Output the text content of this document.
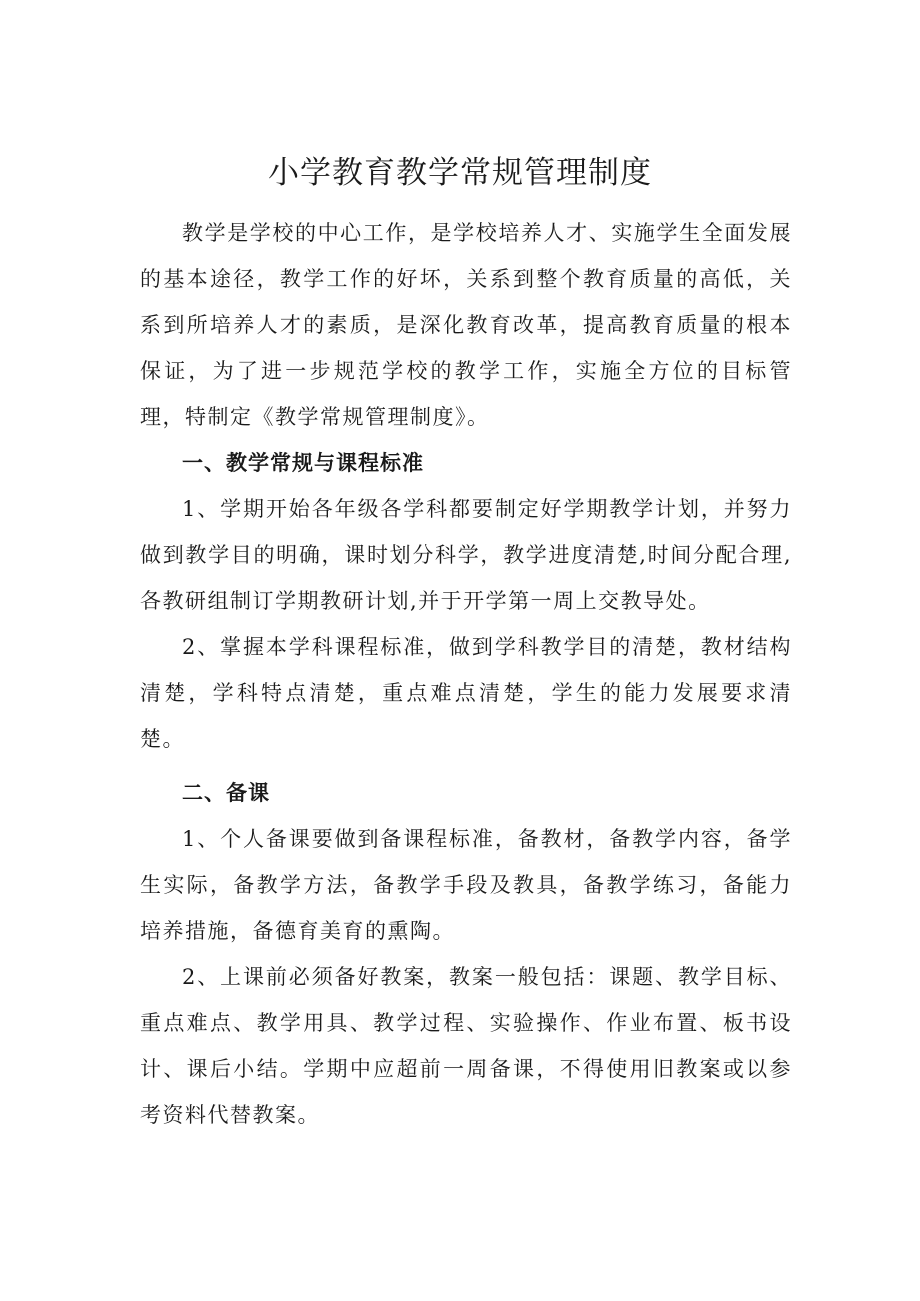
小学教育教学常规管理制度

教学是学校的中心工作，是学校培养人才、实施学生全面发展的基本途径，教学工作的好坏，关系到整个教育质量的高低，关系到所培养人才的素质，是深化教育改革，提高教育质量的根本保证，为了进一步规范学校的教学工作，实施全方位的目标管理，特制定《教学常规管理制度》。

一、教学常规与课程标准

1、学期开始各年级各学科都要制定好学期教学计划，并努力做到教学目的明确，课时划分科学，教学进度清楚,时间分配合理,各教研组制订学期教研计划,并于开学第一周上交教导处。

2、掌握本学科课程标准，做到学科教学目的清楚，教材结构清楚，学科特点清楚，重点难点清楚，学生的能力发展要求清楚。

二、备课

1、个人备课要做到备课程标准，备教材，备教学内容，备学生实际，备教学方法，备教学手段及教具，备教学练习，备能力培养措施，备德育美育的熏陶。

2、上课前必须备好教案，教案一般包括：课题、教学目标、重点难点、教学用具、教学过程、实验操作、作业布置、板书设计、课后小结。学期中应超前一周备课，不得使用旧教案或以参考资料代替教案。
